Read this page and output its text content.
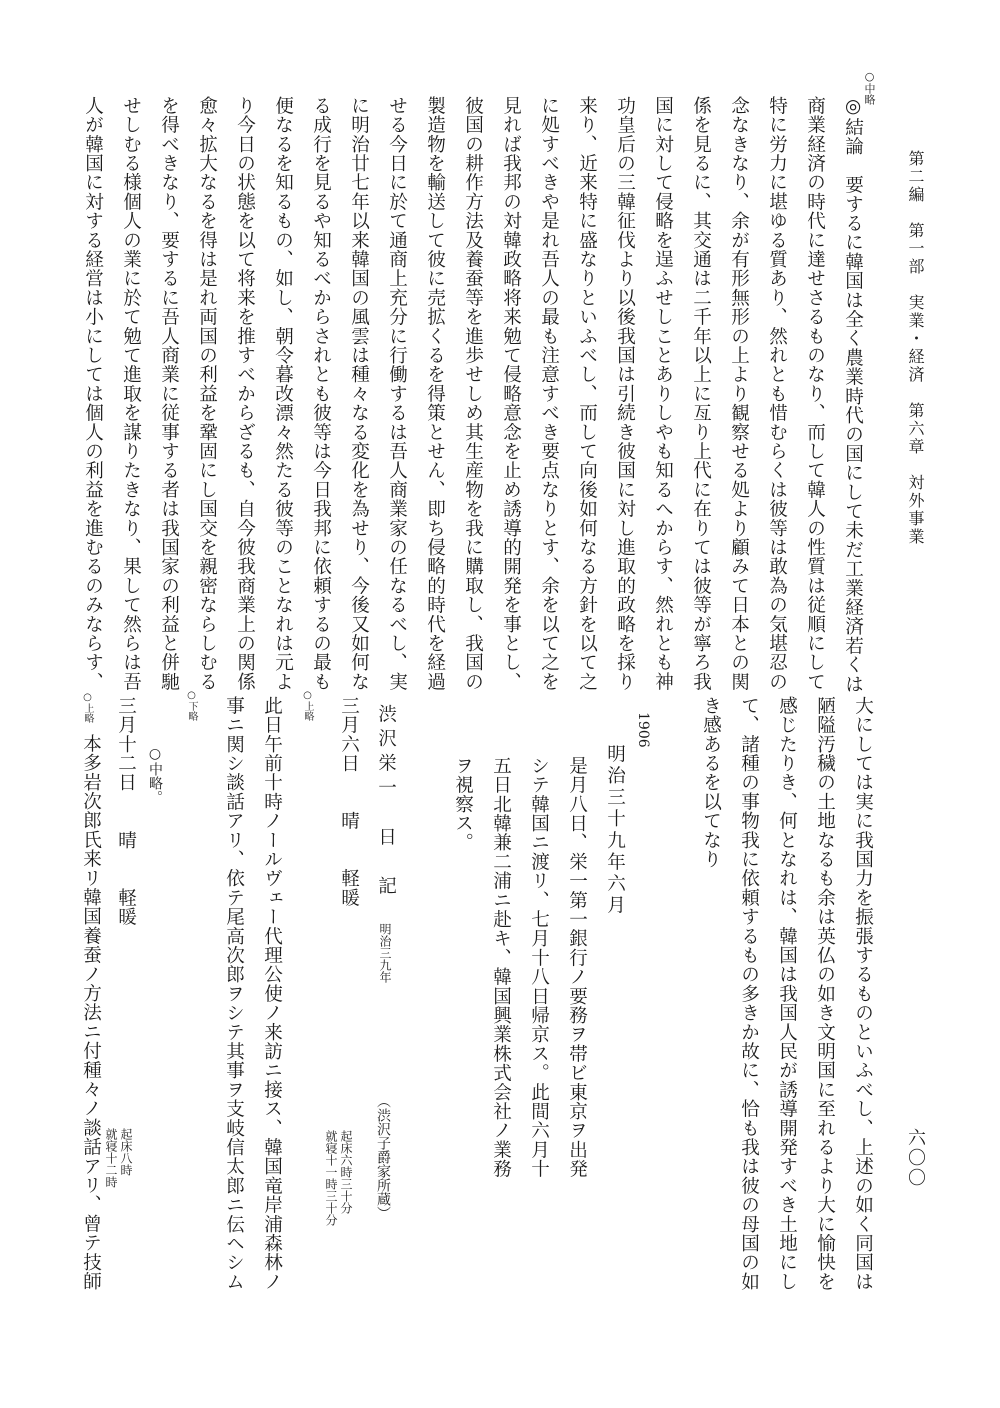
第二編　第一部　実業・経済　第六章　対外事業
六〇〇
○中略
◎結論　要するに韓国は全く農業時代の国にして未だ工業経済若くは
商業経済の時代に達せさるものなり、而して韓人の性質は従順にして
特に労力に堪ゆる質あり、然れとも惜むらくは彼等は敢為の気堪忍の
念なきなり、余が有形無形の上より観察せる処より顧みて日本との関
係を見るに、其交通は二千年以上に亙り上代に在りては彼等が寧ろ我
国に対して侵略を逞ふせしことありしやも知るへからす、然れとも神
功皇后の三韓征伐より以後我国は引続き彼国に対し進取的政略を採り
来り、近来特に盛なりといふべし、而して向後如何なる方針を以て之
に処すべきや是れ吾人の最も注意すべき要点なりとす、余を以て之を
見れば我邦の対韓政略将来勉て侵略意念を止め誘導的開発を事とし、
彼国の耕作方法及養蚕等を進歩せしめ其生産物を我に購取し、我国の
製造物を輸送して彼に売拡くるを得策とせん、即ち侵略的時代を経過
せる今日に於て通商上充分に行働するは吾人商業家の任なるべし、実
に明治廿七年以来韓国の風雲は種々なる変化を為せり、今後又如何な
る成行を見るや知るべからされとも彼等は今日我邦に依頼するの最も
便なるを知るもの、如し、朝令暮改漂々然たる彼等のことなれは元よ
り今日の状態を以て将来を推すべからざるも、自今彼我商業上の関係
愈々拡大なるを得は是れ両国の利益を鞏固にし国交を親密ならしむる
を得べきなり、要するに吾人商業に従事する者は我国家の利益と併馳
せしむる様個人の業に於て勉て進取を謀りたきなり、果して然らは吾
人が韓国に対する経営は小にしては個人の利益を進むるのみならす、
大にしては実に我国力を振張するものといふべし、上述の如く同国は
陋隘汚穢の土地なるも余は英仏の如き文明国に至れるより大に愉快を
感じたりき、何となれは、韓国は我国人民が誘導開発すべき土地にし
て、諸種の事物我に依頼するもの多きか故に、恰も我は彼の母国の如
き感あるを以てなり
1906
明治三十九年六月
是月八日、栄一第一銀行ノ要務ヲ帯ビ東京ヲ出発
シテ韓国ニ渡リ、七月十八日帰京ス。此間六月十
五日北韓兼二浦ニ赴キ、韓国興業株式会社ノ業務
ヲ視察ス。
渋沢栄一　日　記
明治三九年
（渋沢子爵家所蔵）
三月六日　　晴　　軽暖
起床六時三十分
就寝十一時三十分
○上略
此日午前十時ノールヴェー代理公使ノ来訪ニ接ス、韓国竜岸浦森林ノ
事ニ関シ談話アリ、依テ尾高次郎ヲシテ其事ヲ支岐信太郎ニ伝ヘシム
○下略
○中略。
三月十二日　　晴　　軽暖
起床八時
就寝十二時
○上略
本多岩次郎氏来リ韓国養蚕ノ方法ニ付種々ノ談話アリ、曾テ技師
